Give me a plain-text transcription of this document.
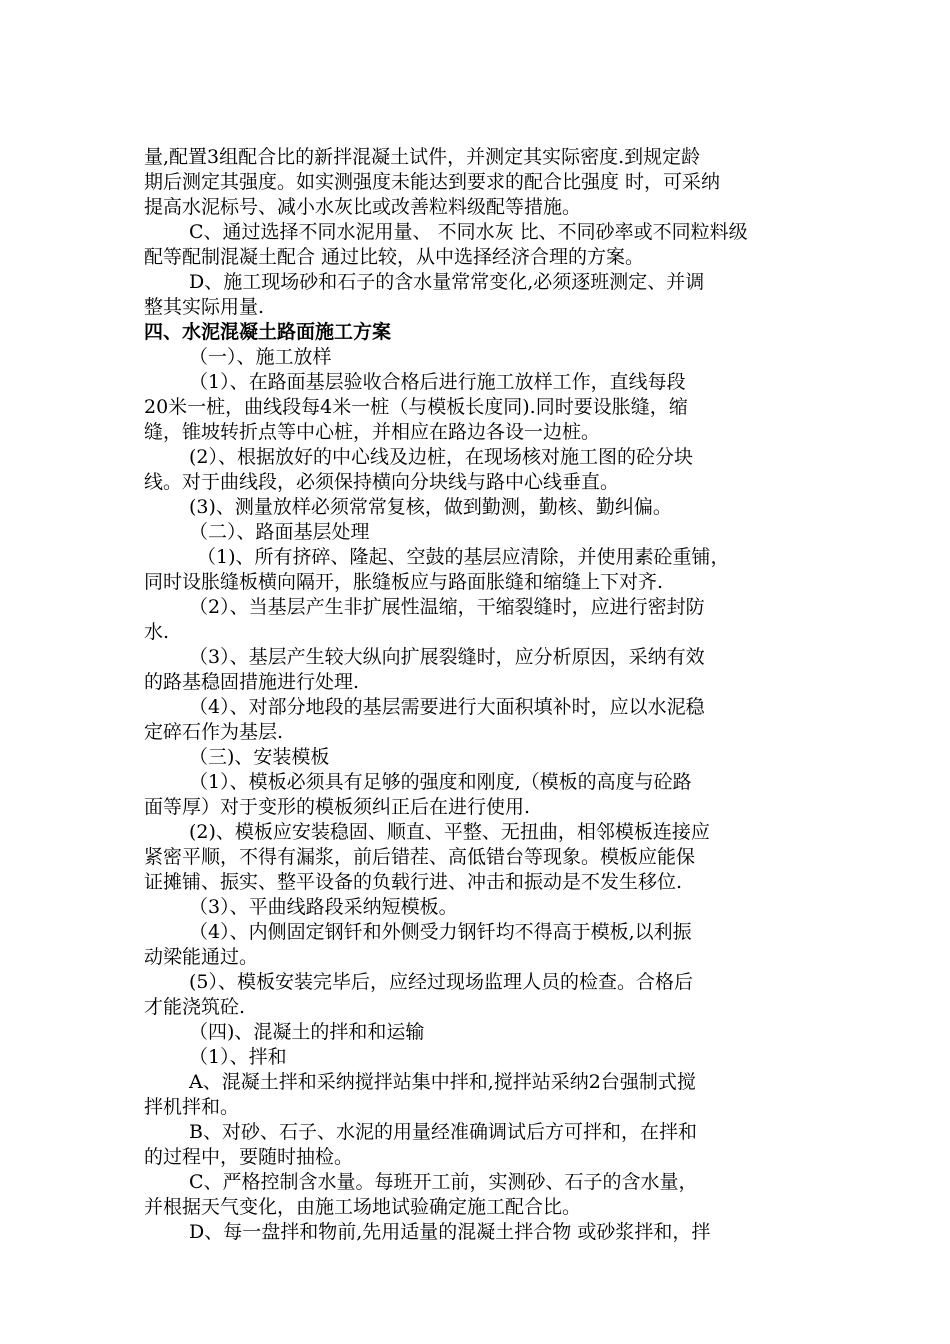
量,配置3组配合比的新拌混凝土试件，并测定其实际密度.到规定龄
期后测定其强度。如实测强度未能达到要求的配合比强度 时，可采纳
提高水泥标号、减小水灰比或改善粒料级配等措施。
C、通过选择不同水泥用量、 不同水灰 比、不同砂率或不同粒料级
配等配制混凝土配合 通过比较，从中选择经济合理的方案。
D、施工现场砂和石子的含水量常常变化,必须逐班测定、并调
整其实际用量.
四、水泥混凝土路面施工方案
（一）、施工放样
（1）、在路面基层验收合格后进行施工放样工作，直线每段
20米一桩，曲线段每4米一桩（与模板长度同).同时要设胀缝，缩
缝，锥坡转折点等中心桩，并相应在路边各设一边桩。
(2）、根据放好的中心线及边桩，在现场核对施工图的砼分块
线。对于曲线段，必须保持横向分块线与路中心线垂直。
(3)、测量放样必须常常复核，做到勤测，勤核、勤纠偏。
（二）、路面基层处理
（1)、所有挤碎、隆起、空鼓的基层应清除，并使用素砼重铺，
同时设胀缝板横向隔开，胀缝板应与路面胀缝和缩缝上下对齐.
（2）、当基层产生非扩展性温缩，干缩裂缝时，应进行密封防
水.
（3）、基层产生较大纵向扩展裂缝时，应分析原因，采纳有效
的路基稳固措施进行处理.
（4）、对部分地段的基层需要进行大面积填补时，应以水泥稳
定碎石作为基层.
（三)、安装模板
（1）、模板必须具有足够的强度和刚度,（模板的高度与砼路
面等厚）对于变形的模板须纠正后在进行使用.
(2)、模板应安装稳固、顺直、平整、无扭曲，相邻模板连接应
紧密平顺，不得有漏浆，前后错茬、高低错台等现象。模板应能保
证摊铺、振实、整平设备的负载行进、冲击和振动是不发生移位.
（3）、平曲线路段采纳短模板。
（4）、内侧固定钢钎和外侧受力钢钎均不得高于模板,以利振
动梁能通过。
(5）、模板安装完毕后，应经过现场监理人员的检查。合格后
才能浇筑砼.
（四)、混凝土的拌和和运输
（1）、拌和
A、混凝土拌和采纳搅拌站集中拌和,搅拌站采纳2台强制式搅
拌机拌和。
B、对砂、石子、水泥的用量经准确调试后方可拌和，在拌和
的过程中，要随时抽检。
C、严格控制含水量。每班开工前，实测砂、石子的含水量，
并根据天气变化，由施工场地试验确定施工配合比。
D、每一盘拌和物前,先用适量的混凝土拌合物 或砂浆拌和，拌
